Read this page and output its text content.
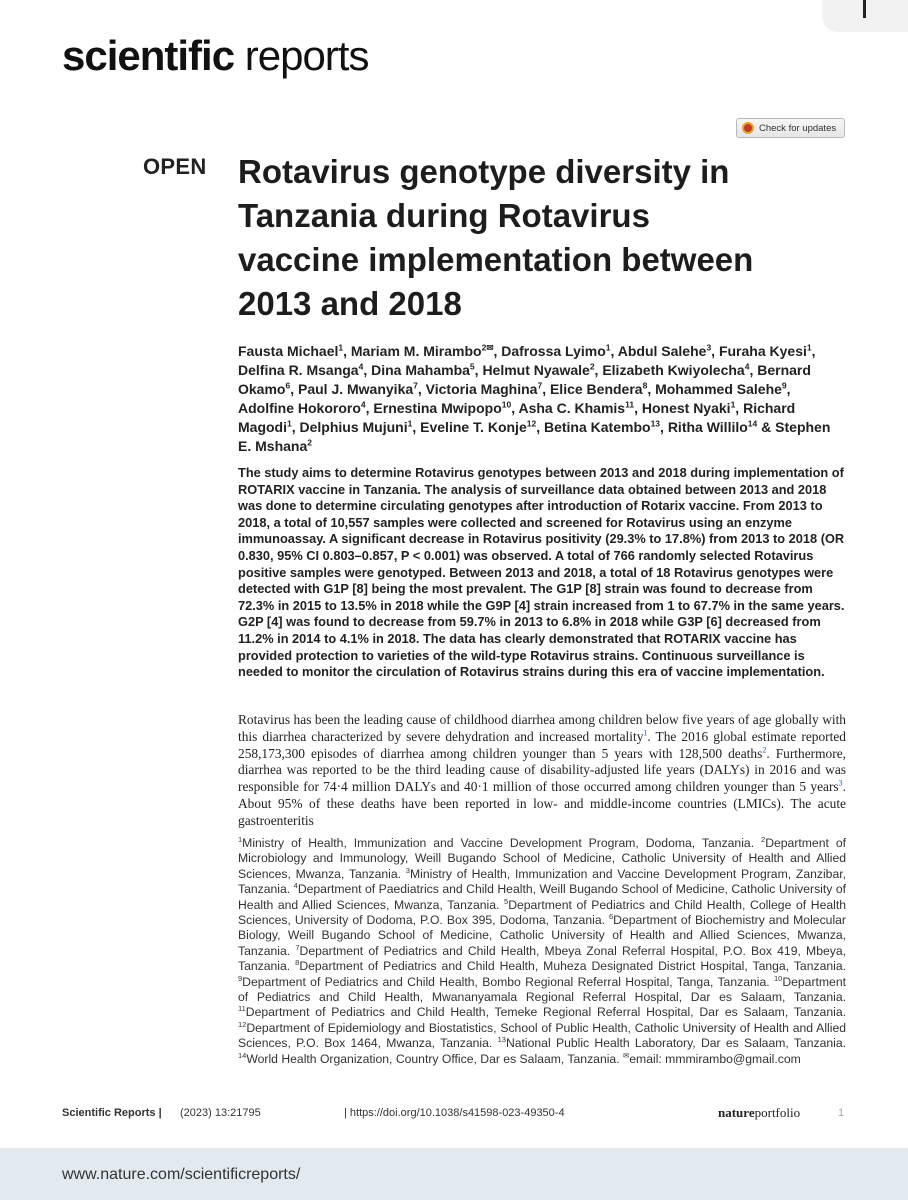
scientific reports
Check for updates
OPEN Rotavirus genotype diversity in Tanzania during Rotavirus vaccine implementation between 2013 and 2018
Fausta Michael$^1$, Mariam M. Mirambo$^{2✉}$, Dafrossa Lyimo$^1$, Abdul Salehe$^3$, Furaha Kyesi$^1$, Delfina R. Msanga$^4$, Dina Mahamba$^5$, Helmut Nyawale$^2$, Elizabeth Kwiyolecha$^4$, Bernard Okamo$^6$, Paul J. Mwanyika$^7$, Victoria Maghina$^7$, Elice Bendera$^8$, Mohammed Salehe$^9$, Adolfine Hokororo$^4$, Ernestina Mwipopo$^{10}$, Asha C. Khamis$^{11}$, Honest Nyaki$^1$, Richard Magodi$^1$, Delphius Mujuni$^1$, Eveline T. Konje$^{12}$, Betina Katembo$^{13}$, Ritha Willilo$^{14}$ & Stephen E. Mshana$^2$

The study aims to determine Rotavirus genotypes between 2013 and 2018 during implementation of ROTARIX vaccine in Tanzania. The analysis of surveillance data obtained between 2013 and 2018 was done to determine circulating genotypes after introduction of Rotarix vaccine. From 2013 to 2018, a total of 10,557 samples were collected and screened for Rotavirus using an enzyme immunoassay. A significant decrease in Rotavirus positivity (29.3% to 17.8%) from 2013 to 2018 (OR 0.830, 95% CI 0.803–0.857, P < 0.001) was observed. A total of 766 randomly selected Rotavirus positive samples were genotyped. Between 2013 and 2018, a total of 18 Rotavirus genotypes were detected with G1P [8] being the most prevalent. The G1P [8] strain was found to decrease from 72.3% in 2015 to 13.5% in 2018 while the G9P [4] strain increased from 1 to 67.7% in the same years. G2P [4] was found to decrease from 59.7% in 2013 to 6.8% in 2018 while G3P [6] decreased from 11.2% in 2014 to 4.1% in 2018. The data has clearly demonstrated that ROTARIX vaccine has provided protection to varieties of the wild-type Rotavirus strains. Continuous surveillance is needed to monitor the circulation of Rotavirus strains during this era of vaccine implementation.

Rotavirus has been the leading cause of childhood diarrhea among children below five years of age globally with this diarrhea characterized by severe dehydration and increased mortality$^1$. The 2016 global estimate reported 258,173,300 episodes of diarrhea among children younger than 5 years with 128,500 deaths$^2$. Furthermore, diarrhea was reported to be the third leading cause of disability-adjusted life years (DALYs) in 2016 and was responsible for 74·4 million DALYs and 40·1 million of those occurred among children younger than 5 years$^3$. About 95% of these deaths have been reported in low- and middle-income countries (LMICs). The acute gastroenteritis

$^1$Ministry of Health, Immunization and Vaccine Development Program, Dodoma, Tanzania. $^2$Department of Microbiology and Immunology, Weill Bugando School of Medicine, Catholic University of Health and Allied Sciences, Mwanza, Tanzania. $^3$Ministry of Health, Immunization and Vaccine Development Program, Zanzibar, Tanzania. $^4$Department of Paediatrics and Child Health, Weill Bugando School of Medicine, Catholic University of Health and Allied Sciences, Mwanza, Tanzania. $^5$Department of Pediatrics and Child Health, College of Health Sciences, University of Dodoma, P.O. Box 395, Dodoma, Tanzania. $^6$Department of Biochemistry and Molecular Biology, Weill Bugando School of Medicine, Catholic University of Health and Allied Sciences, Mwanza, Tanzania. $^7$Department of Pediatrics and Child Health, Mbeya Zonal Referral Hospital, P.O. Box 419, Mbeya, Tanzania. $^8$Department of Pediatrics and Child Health, Muheza Designated District Hospital, Tanga, Tanzania. $^9$Department of Pediatrics and Child Health, Bombo Regional Referral Hospital, Tanga, Tanzania. $^{10}$Department of Pediatrics and Child Health, Mwananyamala Regional Referral Hospital, Dar es Salaam, Tanzania. $^{11}$Department of Pediatrics and Child Health, Temeke Regional Referral Hospital, Dar es Salaam, Tanzania. $^{12}$Department of Epidemiology and Biostatistics, School of Public Health, Catholic University of Health and Allied Sciences, P.O. Box 1464, Mwanza, Tanzania. $^{13}$National Public Health Laboratory, Dar es Salaam, Tanzania. $^{14}$World Health Organization, Country Office, Dar es Salaam, Tanzania. ✉email: mmmirambo@gmail.com

Scientific Reports | (2023) 13:21795	| https://doi.org/10.1038/s41598-023-49350-4	natureportfolio	1
www.nature.com/scientificreports/
